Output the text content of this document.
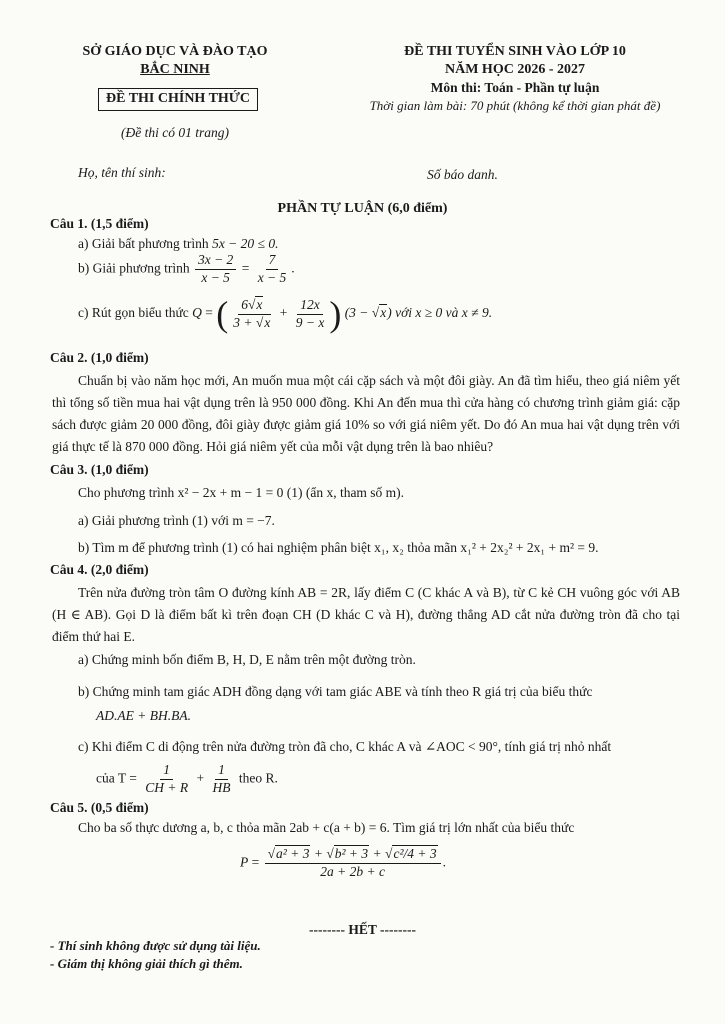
SỞ GIÁO DỤC VÀ ĐÀO TẠO
BẮC NINH
ĐỀ THI CHÍNH THỨC
(Đề thi có 01 trang)
ĐỀ THI TUYỂN SINH VÀO LỚP 10
NĂM HỌC 2026 - 2027
Môn thi: Toán - Phần tự luận
Thời gian làm bài: 70 phút (không kể thời gian phát đề)
Họ, tên thí sinh:	Số báo danh.
PHẦN TỰ LUẬN (6,0 điểm)
Câu 1. (1,5 điểm)
a) Giải bất phương trình 5x − 20 ≤ 0.
b) Giải phương trình $\frac{3x - 2}{x - 5} = \frac{7}{x - 5}$ .
c) Rút gọn biểu thức Q = ( $\frac{6√x}{3 + √x} + \frac{12x}{9 - x}$ ) (3 − √x) với x ≥ 0 và x ≠ 9.
Câu 2. (1,0 điểm)
Chuẩn bị vào năm học mới, An muốn mua một cái cặp sách và một đôi giày. An đã tìm hiểu, theo giá niêm yết thì tổng số tiền mua hai vật dụng trên là 950 000 đồng. Khi An đến mua thì cửa hàng có chương trình giảm giá: cặp sách được giảm 20 000 đồng, đôi giày được giảm giá 10% so với giá niêm yết. Do đó An mua hai vật dụng trên với giá thực tế là 870 000 đồng. Hỏi giá niêm yết của mỗi vật dụng trên là bao nhiêu?
Câu 3. (1,0 điểm)
Cho phương trình x² − 2x + m − 1 = 0 (1) (ẩn x, tham số m).
a) Giải phương trình (1) với m = −7.
b) Tìm m để phương trình (1) có hai nghiệm phân biệt x₁, x₂ thỏa mãn x₁² + 2x₂² + 2x₁ + m² = 9.
Câu 4. (2,0 điểm)
Trên nửa đường tròn tâm O đường kính AB = 2R, lấy điểm C (C khác A và B), từ C kẻ CH vuông góc với AB (H ∈ AB). Gọi D là điểm bất kì trên đoạn CH (D khác C và H), đường thẳng AD cắt nửa đường tròn đã cho tại điểm thứ hai E.
a) Chứng minh bốn điểm B, H, D, E nằm trên một đường tròn.
b) Chứng minh tam giác ADH đồng dạng với tam giác ABE và tính theo R giá trị của biểu thức
AD.AE + BH.BA.
c) Khi điểm C di động trên nửa đường tròn đã cho, C khác A và ∠AOC < 90°, tính giá trị nhỏ nhất
của $T = \frac{1}{CH + R} + \frac{1}{HB}$ theo R.
Câu 5. (0,5 điểm)
Cho ba số thực dương a, b, c thỏa mãn 2ab + c(a + b) = 6. Tìm giá trị lớn nhất của biểu thức
$P = \frac{\text{√a² + 3 + √b² + 3 + √c²/4 + 3}}{2a + 2b + c}$ .
-------- HẾT --------
- Thí sinh không được sử dụng tài liệu.
- Giám thị không giải thích gì thêm.
